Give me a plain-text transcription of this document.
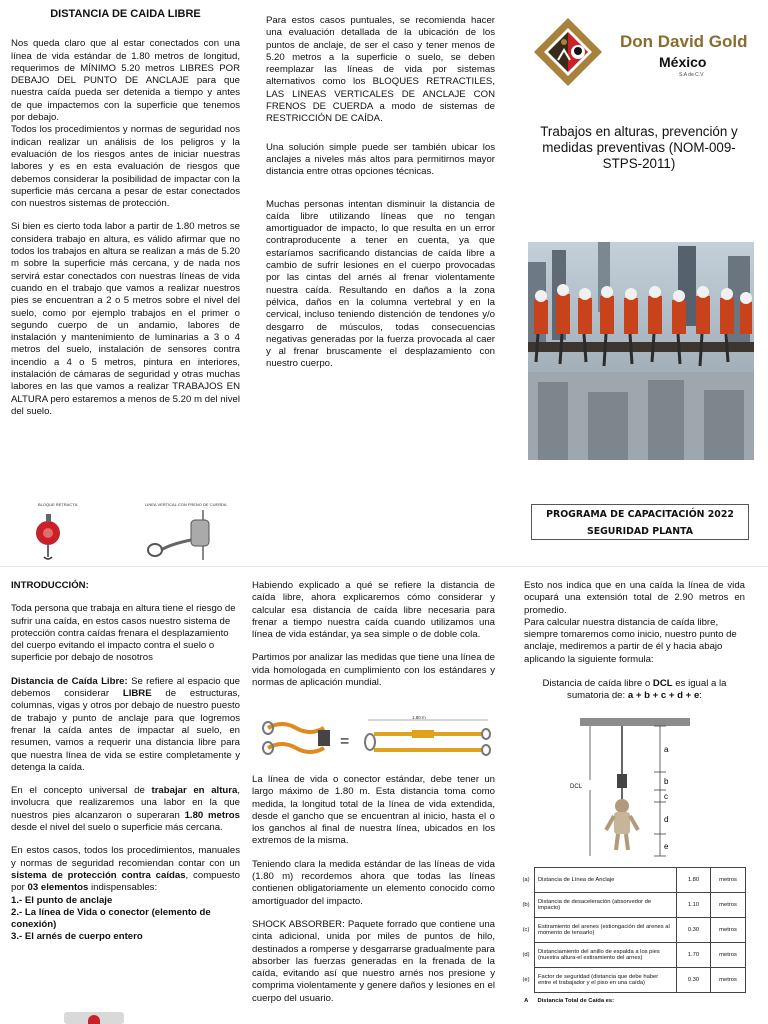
DISTANCIA DE CAIDA LIBRE

Nos queda claro que al estar conectados con una línea de vida estándar de 1.80 metros de longitud, requerimos de MÍNIMO 5.20 metros LIBRES POR DEBAJO DEL PUNTO DE ANCLAJE para que nuestra caída pueda ser detenida a tiempo y antes de que impactemos con la superficie que tenemos por debajo.

Todos los procedimientos y normas de seguridad nos indican realizar un análisis de los peligros y la evaluación de los riesgos antes de iniciar nuestras labores y es en esta evaluación de riesgos que debemos considerar la posibilidad de impactar con la superficie más cercana a pesar de estar conectados con nuestros sistemas de protección.

Si bien es cierto toda labor a partir de 1.80 metros se considera trabajo en altura, es válido afirmar que no todos los trabajos en altura se realizan a más de 5.20 m sobre la superficie más cercana, y de nada nos servirá estar conectados con nuestras líneas de vida cuando en el trabajo que vamos a realizar nuestros pies se encuentran a 2 o 5 metros sobre el nivel del suelo, como por ejemplo trabajos en el primer o segundo cuerpo de un andamio, labores de instalación y mantenimiento de luminarias a 3 o 4 metros del suelo, instalación de sensores contra incendio a 4 o 5 metros, pintura en interiores, instalación de cámaras de seguridad y otras muchas labores en las que vamos a realizar TRABAJOS EN ALTURA pero estaremos a menos de 5.20 m del nivel del suelo.

BLOQUE RETRACTIL	LINEA VERTICAL CON FRENO DE CUERDA

Para estos casos puntuales, se recomienda hacer una evaluación detallada de la ubicación de los puntos de anclaje, de ser el caso y tener menos de 5.20 metros a la superficie o suelo, se deben reemplazar las líneas de vida por sistemas alternativos como los BLOQUES RETRACTILES, LAS LINEAS VERTICALES DE ANCLAJE CON FRENOS DE CUERDA a modo de sistemas de RESTRICCIÓN DE CAÍDA.

Una solución simple puede ser también ubicar los anclajes a niveles más altos para permitirnos mayor distancia entre otras opciones técnicas.

Muchas personas intentan disminuir la distancia de caída libre utilizando líneas que no tengan amortiguador de impacto, lo que resulta en un error contraproducente a tener en cuenta, ya que estaríamos sacrificando distancias de caída libre a cambio de sufrir lesiones en el cuerpo provocadas por las cintas del arnés al frenar violentamente nuestra caída. Resultando en daños a la zona pélvica, daños en la columna vertebral y en la cervical, incluso teniendo distención de tendones y/o desgarro de músculos, todas consecuencias negativas generadas por la fuerza provocada al caer y al frenar bruscamente el desplazamiento con nuestro cuerpo.

Don David Gold
México
S.A de C.V
Trabajos en alturas, prevención y medidas preventivas (NOM-009-STPS-2011)
PROGRAMA DE CAPACITACIÓN 2022
SEGURIDAD PLANTA
INTRODUCCIÓN:

Toda persona que trabaja en altura tiene el riesgo de sufrir una caída, en estos casos nuestro sistema de protección contra caídas frenara el desplazamiento del cuerpo evitando el impacto contra el suelo o superficie por debajo de nosotros

Distancia de Caída Libre: Se refiere al espacio que debemos considerar LIBRE de estructuras, columnas, vigas y otros por debajo de nuestro puesto de trabajo y punto de anclaje para que logremos frenar la caída antes de impactar al suelo, en resumen, vamos a requerir una distancia libre para que nuestra línea de vida se estire completamente y detenga la caída.

En el concepto universal de trabajar en altura, involucra que realizaremos una labor en la que nuestros pies alcanzaron o superaran 1.80 metros desde el nivel del suelo o superficie más cercana.

En estos casos, todos los procedimientos, manuales y normas de seguridad recomiendan contar con un sistema de protección contra caídas, compuesto por 03 elementos indispensables:

1.- El punto de anclaje
2.- La línea de Vida o conector (elemento de conexión)
3.- El arnés de cuerpo entero

Habiendo explicado a qué se refiere la distancia de caída libre, ahora explicaremos cómo considerar y calcular esa distancia de caída libre necesaria para frenar a tiempo nuestra caída cuando utilizamos una línea de vida estándar, ya sea simple o de doble cola.

Partimos por analizar las medidas que tiene una línea de vida homologada en cumplimiento con los estándares y normas de aplicación mundial.

=
1.80 m

La línea de vida o conector estándar, debe tener un largo máximo de 1.80 m. Esta distancia toma como medida, la longitud total de la línea de vida extendida, desde el gancho que se encuentran al inicio, hasta el o los ganchos al final de nuestra línea, ubicados en los extremos de la misma.

Teniendo clara la medida estándar de las líneas de vida (1.80 m) recordemos ahora que todas las líneas contienen obligatoriamente un elemento conocido como amortiguador del impacto.

SHOCK ABSORBER: Paquete forrado que contiene una cinta adicional, unida por miles de puntos de hilo, destinados a romperse y desgarrarse gradualmente para absorber las fuerzas generadas en la frenada de la caída, evitando así que nuestro arnés nos presione y comprima violentamente y genere daños y lesiones en el cuerpo del usuario.

Esto nos indica que en una caída la línea de vida ocupará una extensión total de 2.90 metros en promedio.

Para calcular nuestra distancia de caída libre, siempre tomaremos como inicio, nuestro punto de anclaje, mediremos a partir de él y hacia abajo aplicando la siguiente formula:

Distancia de caída libre o DCL es igual a la sumatoria de: a + b + c + d + e:
DCL
a
b
c
d
e
(a)	Distancia de Línea de Anclaje	1.80	metros
(b)	Distancia de desaceleración (absorvedor de impacto)	1.10	metros
(c)	Estiramiento del arenes (estiongación del arenes al momento de tensarlo)	0.30	metros
(d)	Distanciamiento del anillo de espalda a los pies (nuestra altura-el estiramiento del arnes)	1.70	metros
(e)	Factor de seguridad (distancia que debe haber entre el trabajador y el piso en una caída)	0.30	metros
A	Distancia Total de Caída es:		
